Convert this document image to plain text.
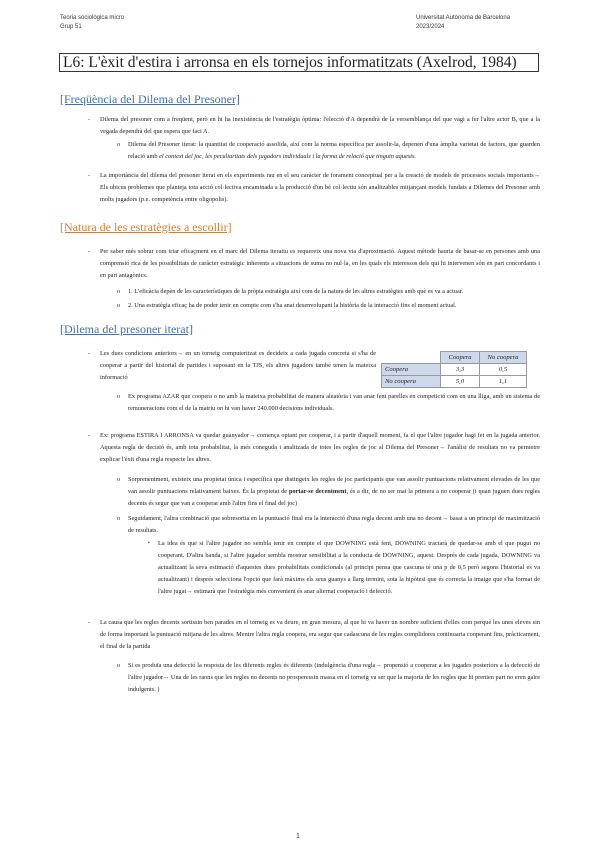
Teoria sociològica micro
Grup 51
Universitat Autònoma de Barcelona
2023/2024
L6: L'èxit d'estira i arronsa en els tornejos informatitzats (Axelrod, 1984)
[Freqüència del Dilema del Presoner]
- Dilema del presoner com a freqüent, però en hi ha inexistència de l'estratègia òptima: l'elecció d'A dependrà de la versemblança del que vagi a fer l'altre actor B, que a la vegada dependrà del que espera que faci A.
o Dilema del Presoner iterat: la quantitat de cooperació assolida, així com la norma específica per assolir-la, depenen d'una àmplia varietat de factors, que guarden relació amb el context del joc, les peculiaritats dels jugadors individuals i la forma de relació que tinguin aquests.
- La importància del dilema del presoner iterat en els experiments rau en el seu caràcter de forament conceptual per a la creació de models de processos socials importants→ Els ubicus problemes que planteja tota acció col·lectiva encaminada a la producció d'un bé col·lectiu són analitzables mitjançant models fundats a Dilemes del Presoner amb molts jugadors (p.e. competència entre oligopolis).
[Natura de les estratègies a escollir]
- Per saber més sobrar com triar eficaçment en el marc del Dilema iteratiu es requereix una nova via d'aproximació. Aquest mètode hauria de basar-se en persones amb una comprensió rica de les possibilitats de caràcter estratègic inherents a situacions de suma no nul·la, en les quals els interessos dels qui hi intervenen són en part concordants i en part antagònics.
o 1. L'eficàcia depèn de les característiques de la pròpia estratègia així com de la natura de les altres estratègies amb què es va a actuar.
o 2. Una estratègia eficaç ha de poder tenir en compte com s'ha anat desenvolupant la història de la interacció fins el moment actual.
[Dilema del presoner iterat]
- Les dues condicions anteriors→ en un torneig computeritzat es decideix a cada jugada concreta si s'ha de cooperar a partir del historial de partides i suposant en la TJS, els altres jugadors també tenen la mateixa informació
	Coopera	No coopera
Coopera	3,3	0,5
No coopera	5,0	1,1
o Ex programa AZAR que coopera o no amb la mateixa probabilitat de manera aleatòria i van anar fent parelles en competició com en una lliga, amb un sistema de remuneracions com el de la matriu on hi van haver 240.000 decisions individuals.
- Ex: programa ESTIRA I ARRONSA va quedar guanyador→ comença optant per cooperar, i a partir d'aquell moment, fa el que l'altre jugador hagi fet en la jugada anterior. Aquesta regla de decisió és, amb tota probabilitat, la més coneguda i analitzada de totes les regles de joc al Dilema del Presoner→ l'anàlisi de resultats no va permetre explicar l'èxit d'una regla respecte les altres.
o Sorprenentment, existeix una propietat única i específica que distingeix les regles de joc participants que van assolir puntuacions relativament elevades de les que van assolir puntuacions relativament baixes. És la propietat de portar-se decentment, és a dir, de no ser mai la primera a no cooperar (i quan juguen dues regles decents és segur que van a cooperar amb l'altre fins el final del joc)
o Seguidament, l'altra combinació que sobresortia en la puntuació final era la interacció d'una regla decent amb una no decent→ basat a un principi de maximització de resultats.
▪ La idea és que si l'altre jugador no sembla tenir en compte el que DOWNING està fent, DOWNING tractarà de quedar-se amb el que pugui no cooperant. D'altra banda, si l'altre jugador sembla mostrar sensibilitat a la conducta de DOWNING, aquest. Després de cada jugada, DOWNING va actualitzant la seva estimació d'aquestes dues probabilitats condicionals (al principi pensa que cascuna té una p de 0,5 però segons l'historial es va actualitzant) i després selecciona l'opció que farà màxims els seus guanys a llarg termini, sota la hipòtesi que és correcta la imatge que s'ha format de l'altre jugat→ estimarà que l'estratègia més convenient és anar alternat cooperació i defecció.
- La causa que les regles decents sortissin ben parades en el torneig es va deure, en gran mesura, al que hi va haver un nombre suficient d'elles com perquè les unes eleves sin de forma important la puntuació mitjana de les altres. Mentre l'altra regla coopera, era segur que cadascuna de les regles complidores continuaria cooperant fins, pràcticament, el final de la partida
o Si es produïa una defecció la resposta de les diferents regles és diferents (indulgència d'una regla→ propensió a cooperar a les jugades posteriors a la defecció de l'altre jugador→ Una de les raons que les regles no decents no prosperessin massa en el torneig va ser que la majoria de les regles que hi prenien part no eren gaire indulgents. )
1
